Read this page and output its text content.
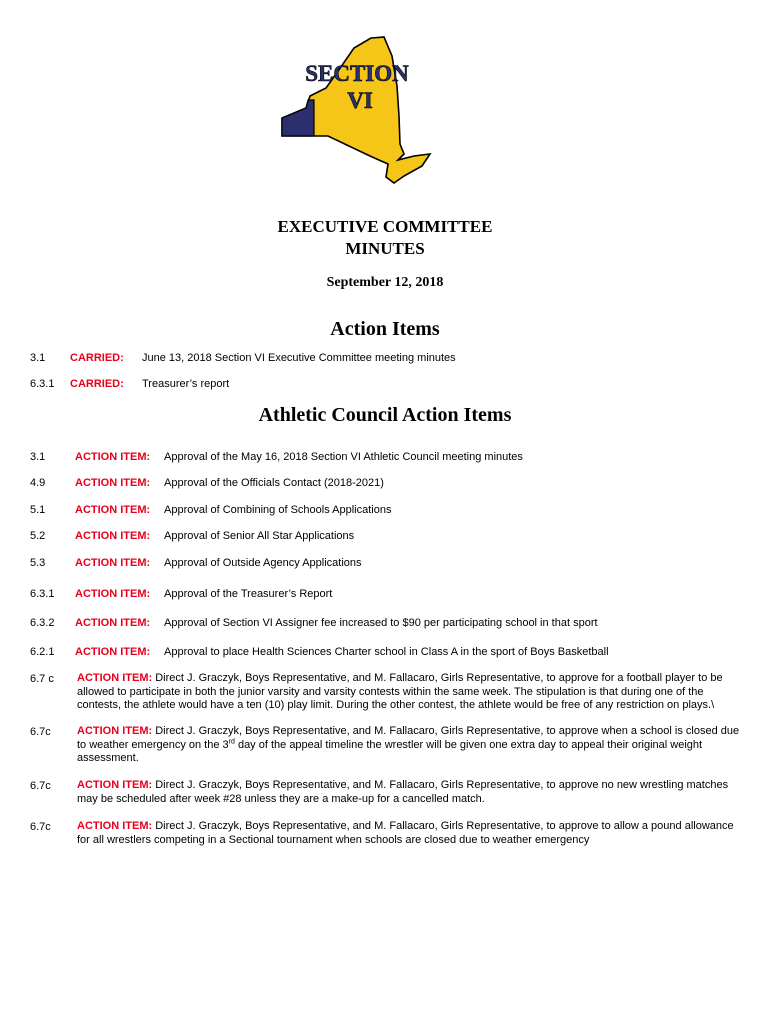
SECTION
VI
EXECUTIVE COMMITTEE
MINUTES
September 12, 2018
Action Items
3.1 CARRIED: June 13, 2018 Section VI Executive Committee meeting minutes
6.3.1 CARRIED: Treasurer’s report
Athletic Council Action Items
3.1	ACTION ITEM: Approval of the May 16, 2018 Section VI Athletic Council meeting minutes
4.9	ACTION ITEM: Approval of the Officials Contact (2018-2021)
5.1	ACTION ITEM: Approval of Combining of Schools Applications
5.2	ACTION ITEM: Approval of Senior All Star Applications
5.3	ACTION ITEM: Approval of Outside Agency Applications
6.3.1 ACTION ITEM: Approval of the Treasurer’s Report
6.3.2 ACTION ITEM: Approval of Section VI Assigner fee increased to $90 per participating school in that sport
6.2.1 ACTION ITEM: Approval to place Health Sciences Charter school in Class A in the sport of Boys Basketball
6.7 c ACTION ITEM: Direct J. Graczyk, Boys Representative, and M. Fallacaro, Girls Representative, to approve for a football player to be allowed to participate in both the junior varsity and varsity contests within the same week. The stipulation is that during one of the contests, the athlete would have a ten (10) play limit. During the other contest, the athlete would be free of any restriction on plays.\
6.7c ACTION ITEM: Direct J. Graczyk, Boys Representative, and M. Fallacaro, Girls Representative, to approve when a school is closed due to weather emergency on the 3rd day of the appeal timeline the wrestler will be given one extra day to appeal their original weight assessment.
6.7c ACTION ITEM: Direct J. Graczyk, Boys Representative, and M. Fallacaro, Girls Representative, to approve no new wrestling matches may be scheduled after week #28 unless they are a make-up for a cancelled match.
6.7c ACTION ITEM: Direct J. Graczyk, Boys Representative, and M. Fallacaro, Girls Representative, to approve to allow a pound allowance for all wrestlers competing in a Sectional tournament when schools are closed due to weather emergency
